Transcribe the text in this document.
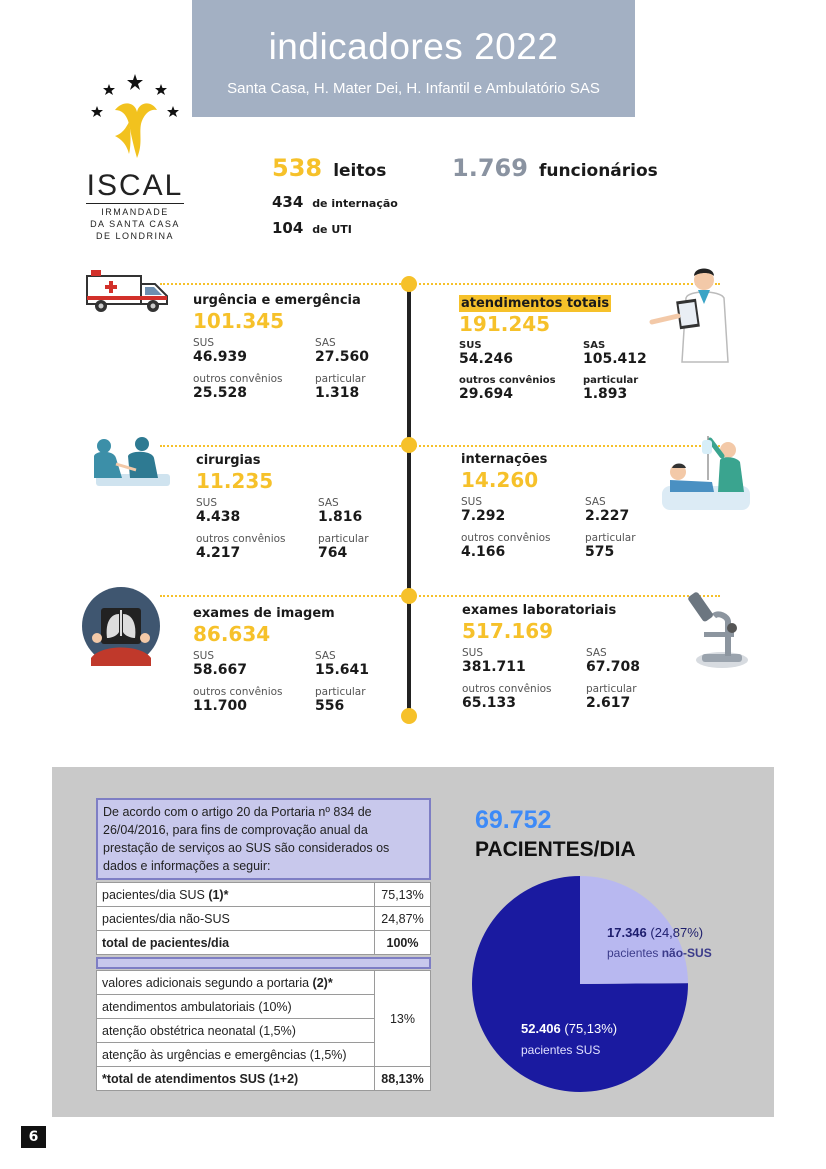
indicadores 2022
Santa Casa, H. Mater Dei, H. Infantil e Ambulatório SAS
ISCAL
IRMANDADE
DA SANTA CASA
DE LONDRINA
538 leitos
434 de internação
104 de UTI
1.769 funcionários
urgência e emergência
101.345
SUS
46.939
SAS
27.560
outros convênios
25.528
particular
1.318
atendimentos totais
191.245
SUS
54.246
SAS
105.412
outros convênios
29.694
particular
1.893
cirurgias
11.235
SUS
4.438
SAS
1.816
outros convênios
4.217
particular
764
internações
14.260
SUS
7.292
SAS
2.227
outros convênios
4.166
particular
575
exames de imagem
86.634
SUS
58.667
SAS
15.641
outros convênios
11.700
particular
556
exames laboratoriais
517.169
SUS
381.711
SAS
67.708
outros convênios
65.133
particular
2.617
De acordo com o artigo 20 da Portaria nº 834 de 26/04/2016, para fins de comprovação anual da prestação de serviços ao SUS são considerados os dados e informações a seguir:
pacientes/dia SUS (1)*	75,13%
pacientes/dia não-SUS	24,87%
total de pacientes/dia	100%
valores adicionais segundo a portaria (2)*	13%
atendimentos ambulatoriais (10%)	
atenção obstétrica neonatal (1,5%)	
atenção às urgências e emergências (1,5%)	
*total de atendimentos SUS (1+2)	88,13%
69.752
PACIENTES/DIA
17.346 (24,87%)
pacientes não-SUS
52.406 (75,13%)
pacientes SUS
6
